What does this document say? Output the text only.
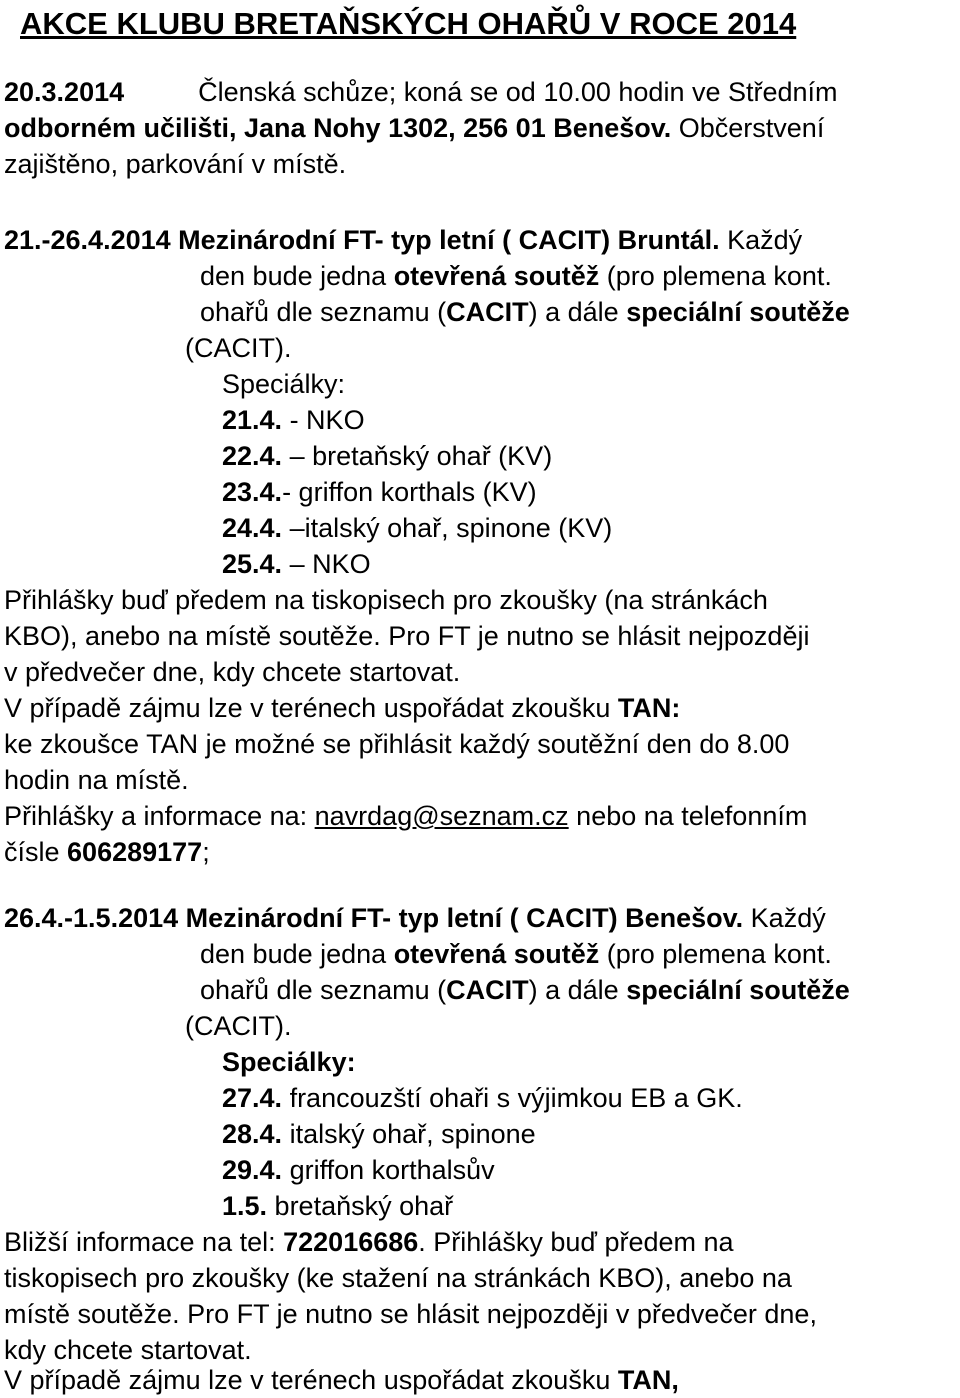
AKCE KLUBU BRETAŇSKÝCH OHAŘŮ V ROCE 2014
20.3.2014	Členská schůze; koná se od 10.00 hodin ve Středním
odborném učilišti, Jana Nohy 1302, 256 01 Benešov. Občerstvení
zajištěno, parkování v místě.
21.-26.4.2014 Mezinárodní FT- typ letní ( CACIT) Bruntál. Každý
den bude jedna otevřená soutěž (pro plemena kont.
ohařů dle seznamu (CACIT) a dále speciální soutěže
(CACIT).
Speciálky:
21.4. - NKO
22.4. – bretaňský ohař (KV)
23.4.- griffon korthals (KV)
24.4. –italský ohař, spinone (KV)
25.4. – NKO
Přihlášky buď předem na tiskopisech pro zkoušky (na stránkách
KBO), anebo na místě soutěže. Pro FT je nutno se hlásit nejpozději
v předvečer dne, kdy chcete startovat.
V případě zájmu lze v terénech uspořádat zkoušku TAN:
ke zkoušce TAN je možné se přihlásit každý soutěžní den do 8.00
hodin na místě.
Přihlášky a informace na: navrdag@seznam.cz nebo na telefonním
čísle 606289177;
26.4.-1.5.2014 Mezinárodní FT- typ letní ( CACIT) Benešov. Každý
den bude jedna otevřená soutěž (pro plemena kont.
ohařů dle seznamu (CACIT) a dále speciální soutěže
(CACIT).
Speciálky:
27.4. francouzští ohaři s výjimkou EB a GK.
28.4. italský ohař, spinone
29.4. griffon korthalsův
1.5. bretaňský ohař
Bližší informace na tel: 722016686. Přihlášky buď předem na
tiskopisech pro zkoušky (ke stažení na stránkách KBO), anebo na
místě soutěže. Pro FT je nutno se hlásit nejpozději v předvečer dne,
kdy chcete startovat.
V případě zájmu lze v terénech uspořádat zkoušku TAN,
